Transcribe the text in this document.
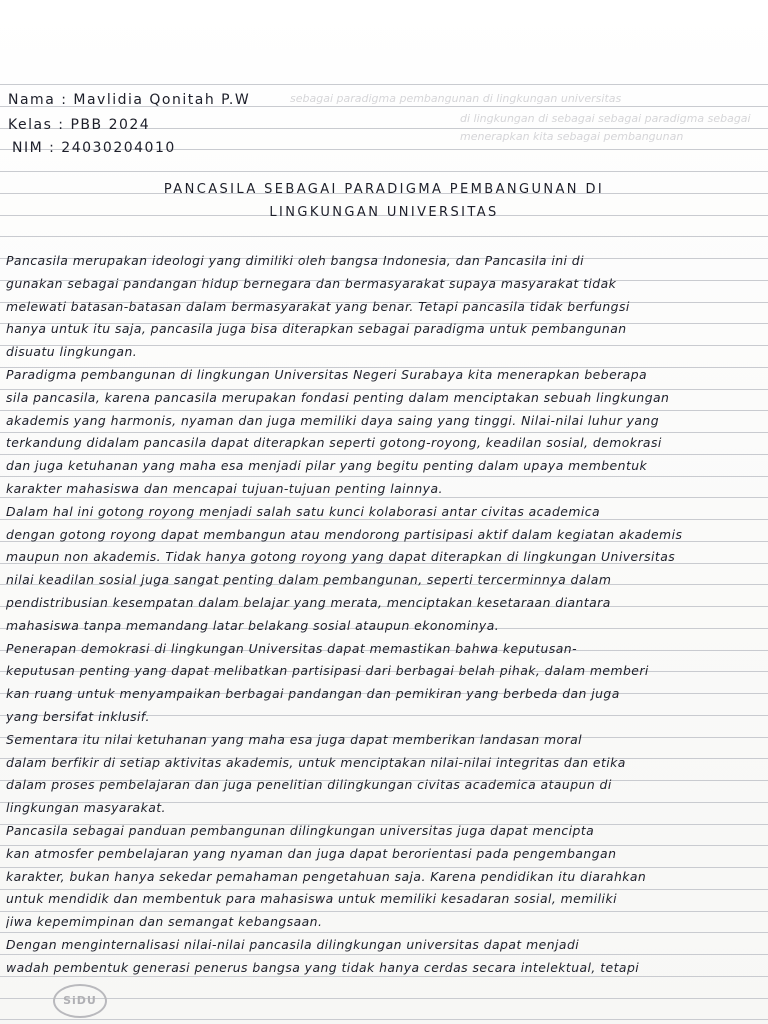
sebagai paradigma pembangunan di lingkungan universitas
di lingkungan di sebagai sebagai paradigma sebagai
menerapkan kita sebagai pembangunan
Nama : Mavlidia Qonitah P.W
Kelas : PBB 2024
NIM : 24030204010
PANCASILA SEBAGAI PARADIGMA PEMBANGUNAN DI
LINGKUNGAN UNIVERSITAS
Pancasila merupakan ideologi yang dimiliki oleh bangsa Indonesia, dan Pancasila ini di
gunakan sebagai pandangan hidup bernegara dan bermasyarakat supaya masyarakat tidak
melewati batasan-batasan dalam bermasyarakat yang benar. Tetapi pancasila tidak berfungsi
hanya untuk itu saja, pancasila juga bisa diterapkan sebagai paradigma untuk pembangunan
disuatu lingkungan.
Paradigma pembangunan di lingkungan Universitas Negeri Surabaya kita menerapkan beberapa
sila pancasila, karena pancasila merupakan fondasi penting dalam menciptakan sebuah lingkungan
akademis yang harmonis, nyaman dan juga memiliki daya saing yang tinggi. Nilai-nilai luhur yang
terkandung didalam pancasila dapat diterapkan seperti gotong-royong, keadilan sosial, demokrasi
dan juga ketuhanan yang maha esa menjadi pilar yang begitu penting dalam upaya membentuk
karakter mahasiswa dan mencapai tujuan-tujuan penting lainnya.
Dalam hal ini gotong royong menjadi salah satu kunci kolaborasi antar civitas academica
dengan gotong royong dapat membangun atau mendorong partisipasi aktif dalam kegiatan akademis
maupun non akademis. Tidak hanya gotong royong yang dapat diterapkan di lingkungan Universitas
nilai keadilan sosial juga sangat penting dalam pembangunan, seperti tercerminnya dalam
pendistribusian kesempatan dalam belajar yang merata, menciptakan kesetaraan diantara
mahasiswa tanpa memandang latar belakang sosial ataupun ekonominya.
Penerapan demokrasi di lingkungan Universitas dapat memastikan bahwa keputusan-
keputusan penting yang dapat melibatkan partisipasi dari berbagai belah pihak, dalam memberi
kan ruang untuk menyampaikan berbagai pandangan dan pemikiran yang berbeda dan juga
yang bersifat inklusif.
Sementara itu nilai ketuhanan yang maha esa juga dapat memberikan landasan moral
dalam berfikir di setiap aktivitas akademis, untuk menciptakan nilai-nilai integritas dan etika
dalam proses pembelajaran dan juga penelitian dilingkungan civitas academica ataupun di
lingkungan masyarakat.
Pancasila sebagai panduan pembangunan dilingkungan universitas juga dapat mencipta
kan atmosfer pembelajaran yang nyaman dan juga dapat berorientasi pada pengembangan
karakter, bukan hanya sekedar pemahaman pengetahuan saja. Karena pendidikan itu diarahkan
untuk mendidik dan membentuk para mahasiswa untuk memiliki kesadaran sosial, memiliki
jiwa kepemimpinan dan semangat kebangsaan.
Dengan menginternalisasi nilai-nilai pancasila dilingkungan universitas dapat menjadi
wadah pembentuk generasi penerus bangsa yang tidak hanya cerdas secara intelektual, tetapi
SiDU
